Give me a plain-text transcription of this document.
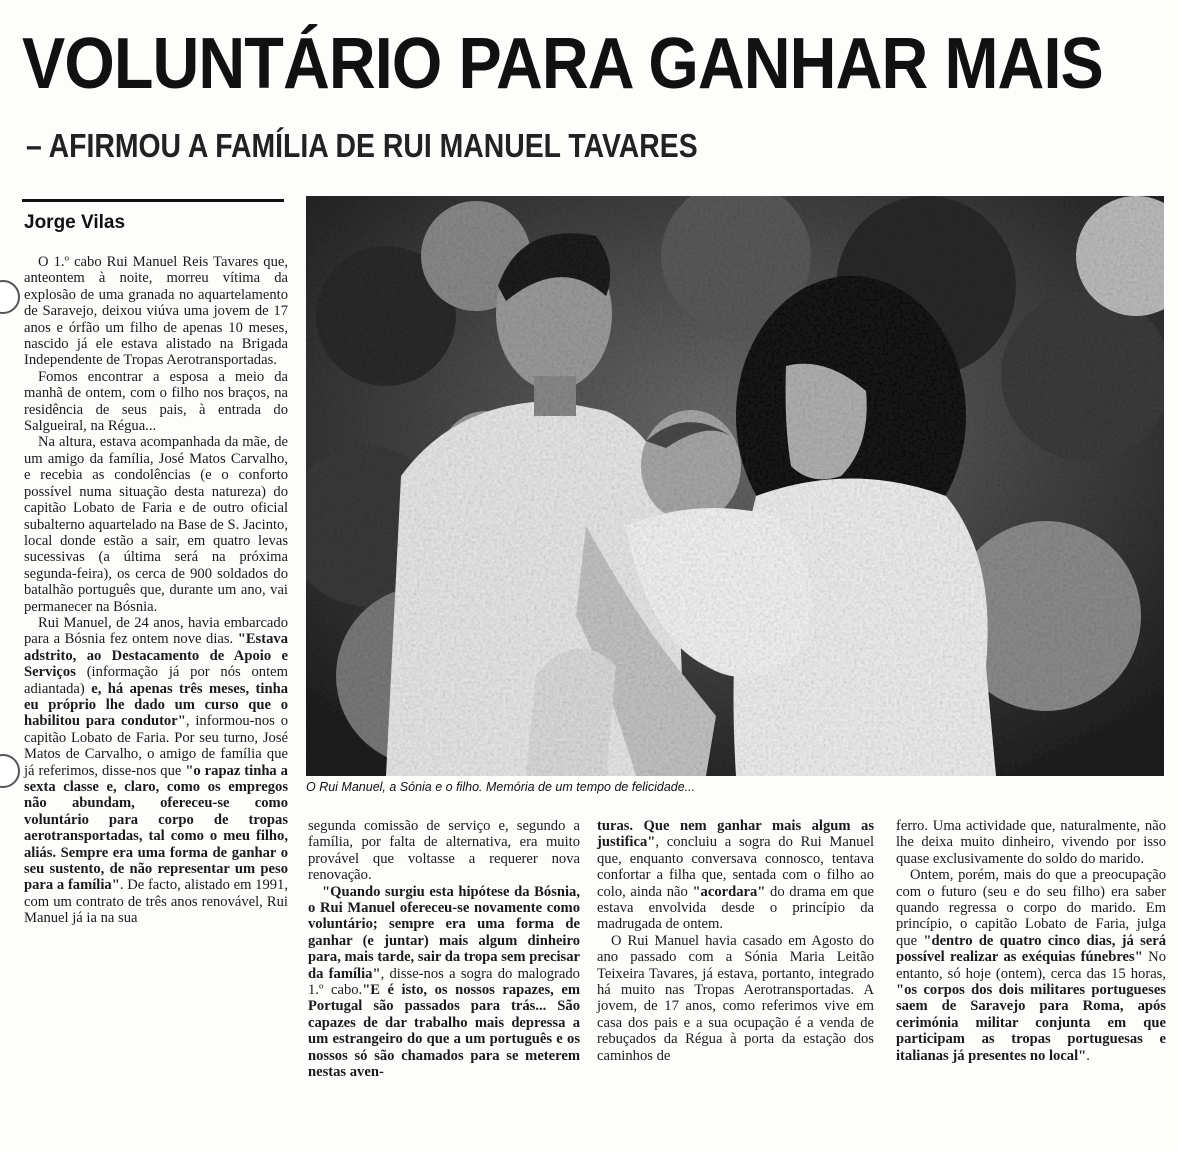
VOLUNTÁRIO PARA GANHAR MAIS
– AFIRMOU A FAMÍLIA DE RUI MANUEL TAVARES
Jorge Vilas

O 1.º cabo Rui Manuel Reis Tavares que, anteontem à noite, morreu vítima da explosão de uma granada no aquartelamento de Saravejo, deixou viúva uma jovem de 17 anos e órfão um filho de apenas 10 meses, nascido já ele estava alistado na Brigada Independente de Tropas Aerotransportadas.

Fomos encontrar a esposa a meio da manhã de ontem, com o filho nos braços, na residência de seus pais, à entrada do Salgueiral, na Régua...

Na altura, estava acompanhada da mãe, de um amigo da família, José Matos Carvalho, e recebia as condolências (e o conforto possível numa situação desta natureza) do capitão Lobato de Faria e de outro oficial subalterno aquartelado na Base de S. Jacinto, local donde estão a sair, em quatro levas sucessivas (a última será na próxima segunda-feira), os cerca de 900 soldados do batalhão português que, durante um ano, vai permanecer na Bósnia.

Rui Manuel, de 24 anos, havia embarcado para a Bósnia fez ontem nove dias. "Estava adstrito, ao Destacamento de Apoio e Serviços (informação já por nós ontem adiantada) e, há apenas três meses, tinha eu próprio lhe dado um curso que o habilitou para condutor", informou-nos o capitão Lobato de Faria. Por seu turno, José Matos de Carvalho, o amigo de família que já referimos, disse-nos que "o rapaz tinha a sexta classe e, claro, como os empregos não abundam, ofereceu-se como voluntário para corpo de tropas aerotransportadas, tal como o meu filho, aliás. Sempre era uma forma de ganhar o seu sustento, de não representar um peso para a família". De facto, alistado em 1991, com um contrato de três anos renovável, Rui Manuel já ia na sua

O Rui Manuel, a Sónia e o filho. Memória de um tempo de felicidade...

segunda comissão de serviço e, segundo a família, por falta de alternativa, era muito provável que voltasse a requerer nova renovação.

"Quando surgiu esta hipótese da Bósnia, o Rui Manuel ofereceu-se novamente como voluntário; sempre era uma forma de ganhar (e juntar) mais algum dinheiro para, mais tarde, sair da tropa sem precisar da família", disse-nos a sogra do malogrado 1.º cabo."E é isto, os nossos rapazes, em Portugal são passados para trás... São capazes de dar trabalho mais depressa a um estrangeiro do que a um português e os nossos só são chamados para se meterem nestas aven-

turas. Que nem ganhar mais algum as justifica", concluiu a sogra do Rui Manuel que, enquanto conversava connosco, tentava confortar a filha que, sentada com o filho ao colo, ainda não "acordara" do drama em que estava envolvida desde o princípio da madrugada de ontem.

O Rui Manuel havia casado em Agosto do ano passado com a Sónia Maria Leitão Teixeira Tavares, já estava, portanto, integrado há muito nas Tropas Aerotransportadas. A jovem, de 17 anos, como referimos vive em casa dos pais e a sua ocupação é a venda de rebuçados da Régua à porta da estação dos caminhos de

ferro. Uma actividade que, naturalmente, não lhe deixa muito dinheiro, vivendo por isso quase exclusivamente do soldo do marido.

Ontem, porém, mais do que a preocupação com o futuro (seu e do seu filho) era saber quando regressa o corpo do marido. Em princípio, o capitão Lobato de Faria, julga que "dentro de quatro cinco dias, já será possível realizar as exéquias fúnebres" No entanto, só hoje (ontem), cerca das 15 horas, "os corpos dos dois militares portugueses saem de Saravejo para Roma, após cerimónia militar conjunta em que participam as tropas portuguesas e italianas já presentes no local".
